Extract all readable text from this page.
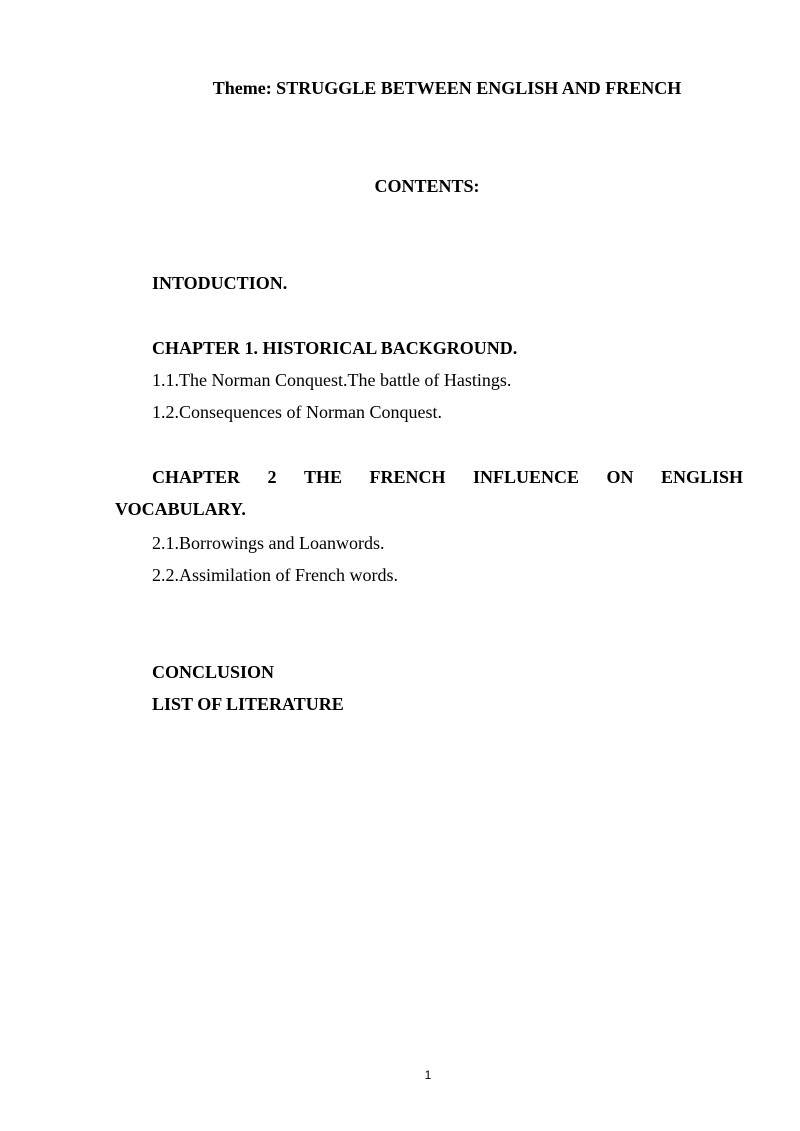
Theme: STRUGGLE BETWEEN ENGLISH AND FRENCH
CONTENTS:
INTODUCTION.
CHAPTER 1. HISTORICAL BACKGROUND.
1.1.The Norman Conquest.The battle of Hastings.
1.2.Consequences of Norman Conquest.
CHAPTER 2 THE FRENCH INFLUENCE ON ENGLISH
VOCABULARY.
2.1.Borrowings and Loanwords.
2.2.Assimilation of French words.
CONCLUSION
LIST OF LITERATURE
1
